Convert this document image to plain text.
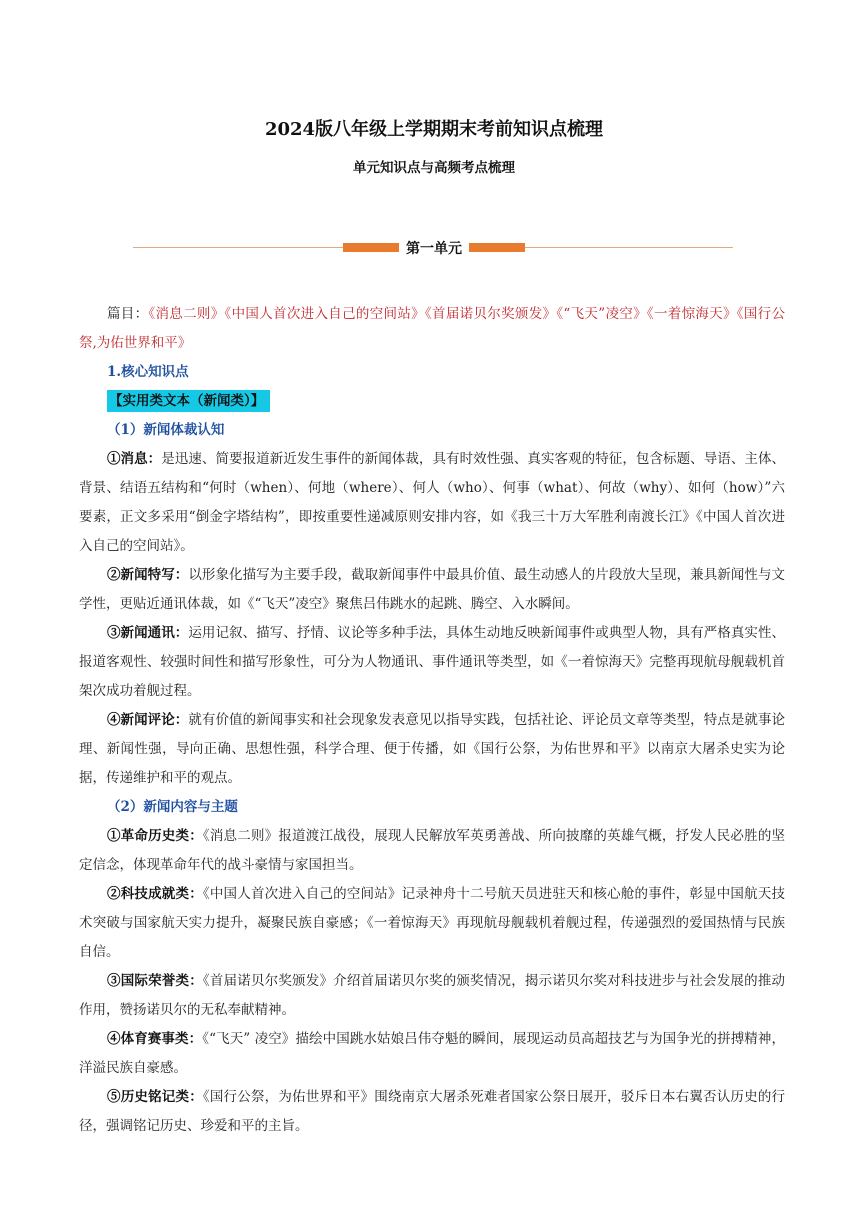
2024版八年级上学期期末考前知识点梳理
单元知识点与高频考点梳理
第一单元

篇目：《消息二则》《中国人首次进入自己的空间站》《首届诺贝尔奖颁发》《“飞天”凌空》《一着惊海天》《国行公祭,为佑世界和平》

1.核心知识点

【实用类文本（新闻类）】

（1）新闻体裁认知

①消息：是迅速、简要报道新近发生事件的新闻体裁，具有时效性强、真实客观的特征，包含标题、导语、主体、背景、结语五结构和“何时（when）、何地（where）、何人（who）、何事（what）、何故（why）、如何（how）”六要素，正文多采用“倒金字塔结构”，即按重要性递减原则安排内容，如《我三十万大军胜利南渡长江》《中国人首次进入自己的空间站》。

②新闻特写：以形象化描写为主要手段，截取新闻事件中最具价值、最生动感人的片段放大呈现，兼具新闻性与文学性，更贴近通讯体裁，如《“飞天”凌空》聚焦吕伟跳水的起跳、腾空、入水瞬间。

③新闻通讯：运用记叙、描写、抒情、议论等多种手法，具体生动地反映新闻事件或典型人物，具有严格真实性、报道客观性、较强时间性和描写形象性，可分为人物通讯、事件通讯等类型，如《一着惊海天》完整再现航母舰载机首架次成功着舰过程。

④新闻评论：就有价值的新闻事实和社会现象发表意见以指导实践，包括社论、评论员文章等类型，特点是就事论理、新闻性强，导向正确、思想性强，科学合理、便于传播，如《国行公祭，为佑世界和平》以南京大屠杀史实为论据，传递维护和平的观点。

（2）新闻内容与主题

①革命历史类：《消息二则》报道渡江战役，展现人民解放军英勇善战、所向披靡的英雄气概，抒发人民必胜的坚定信念，体现革命年代的战斗豪情与家国担当。

②科技成就类：《中国人首次进入自己的空间站》记录神舟十二号航天员进驻天和核心舱的事件，彰显中国航天技术突破与国家航天实力提升，凝聚民族自豪感；《一着惊海天》再现航母舰载机着舰过程，传递强烈的爱国热情与民族自信。

③国际荣誉类：《首届诺贝尔奖颁发》介绍首届诺贝尔奖的颁奖情况，揭示诺贝尔奖对科技进步与社会发展的推动作用，赞扬诺贝尔的无私奉献精神。

④体育赛事类：《“飞天” 凌空》描绘中国跳水姑娘吕伟夺魁的瞬间，展现运动员高超技艺与为国争光的拼搏精神，洋溢民族自豪感。

⑤历史铭记类：《国行公祭，为佑世界和平》围绕南京大屠杀死难者国家公祭日展开，驳斥日本右翼否认历史的行径，强调铭记历史、珍爱和平的主旨。
